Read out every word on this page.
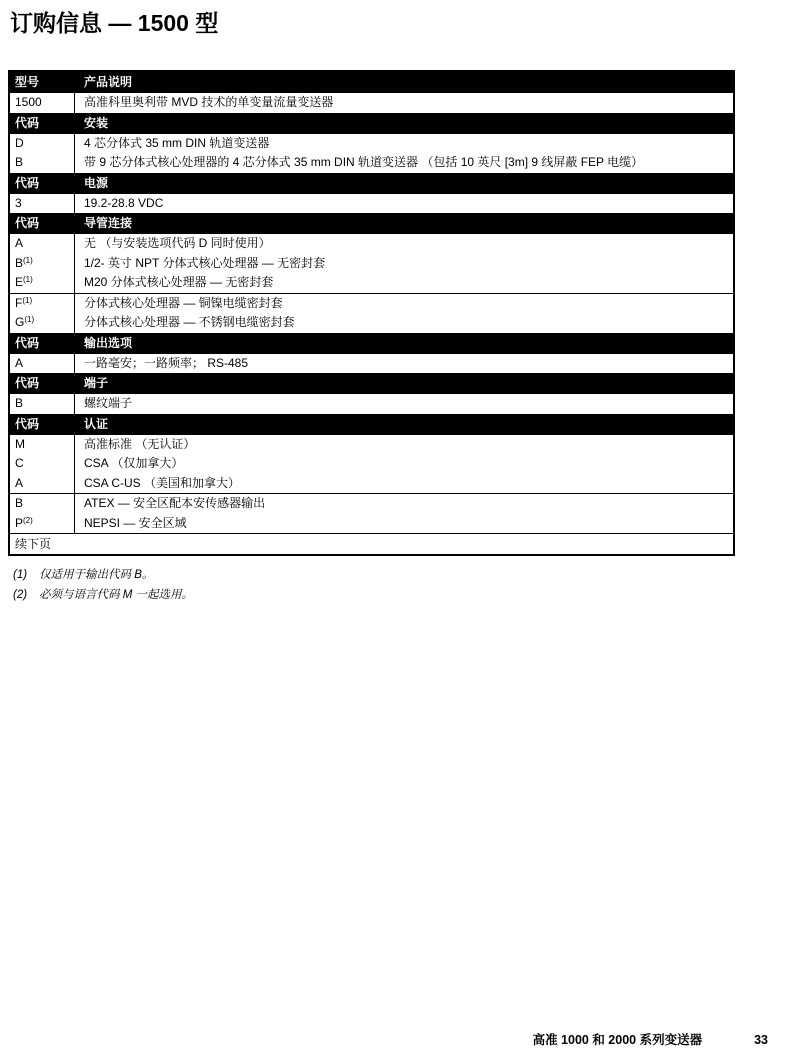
订购信息 — 1500 型
型号	产品说明
1500	高准科里奥利带 MVD 技术的单变量流量变送器
代码	安装
D	4 芯分体式 35 mm DIN 轨道变送器
B	带 9 芯分体式核心处理器的 4 芯分体式 35 mm DIN 轨道变送器 （包括 10 英尺 [3m] 9 线屏蔽 FEP 电缆）
代码	电源
3	19.2-28.8 VDC
代码	导管连接
A	无 （与安装选项代码 D 同时使用）
$B^{(1)}$	1/2- 英寸 NPT 分体式核心处理器 — 无密封套
$E^{(1)}$	M20 分体式核心处理器 — 无密封套
$F^{(1)}$	分体式核心处理器 — 铜镍电缆密封套
$G^{(1)}$	分体式核心处理器 — 不锈钢电缆密封套
代码	输出选项
A	一路毫安；一路频率； RS-485
代码	端子
B	螺纹端子
代码	认证
M	高准标准 （无认证）
C	CSA （仅加拿大）
A	CSA C-US （美国和加拿大）
B	ATEX — 安全区配本安传感器输出
$P^{(2)}$	NEPSI — 安全区域
续下页
(1)	仅适用于输出代码 B。
(2)	必须与语言代码 M 一起选用。
高准 1000 和 2000 系列变送器	33
